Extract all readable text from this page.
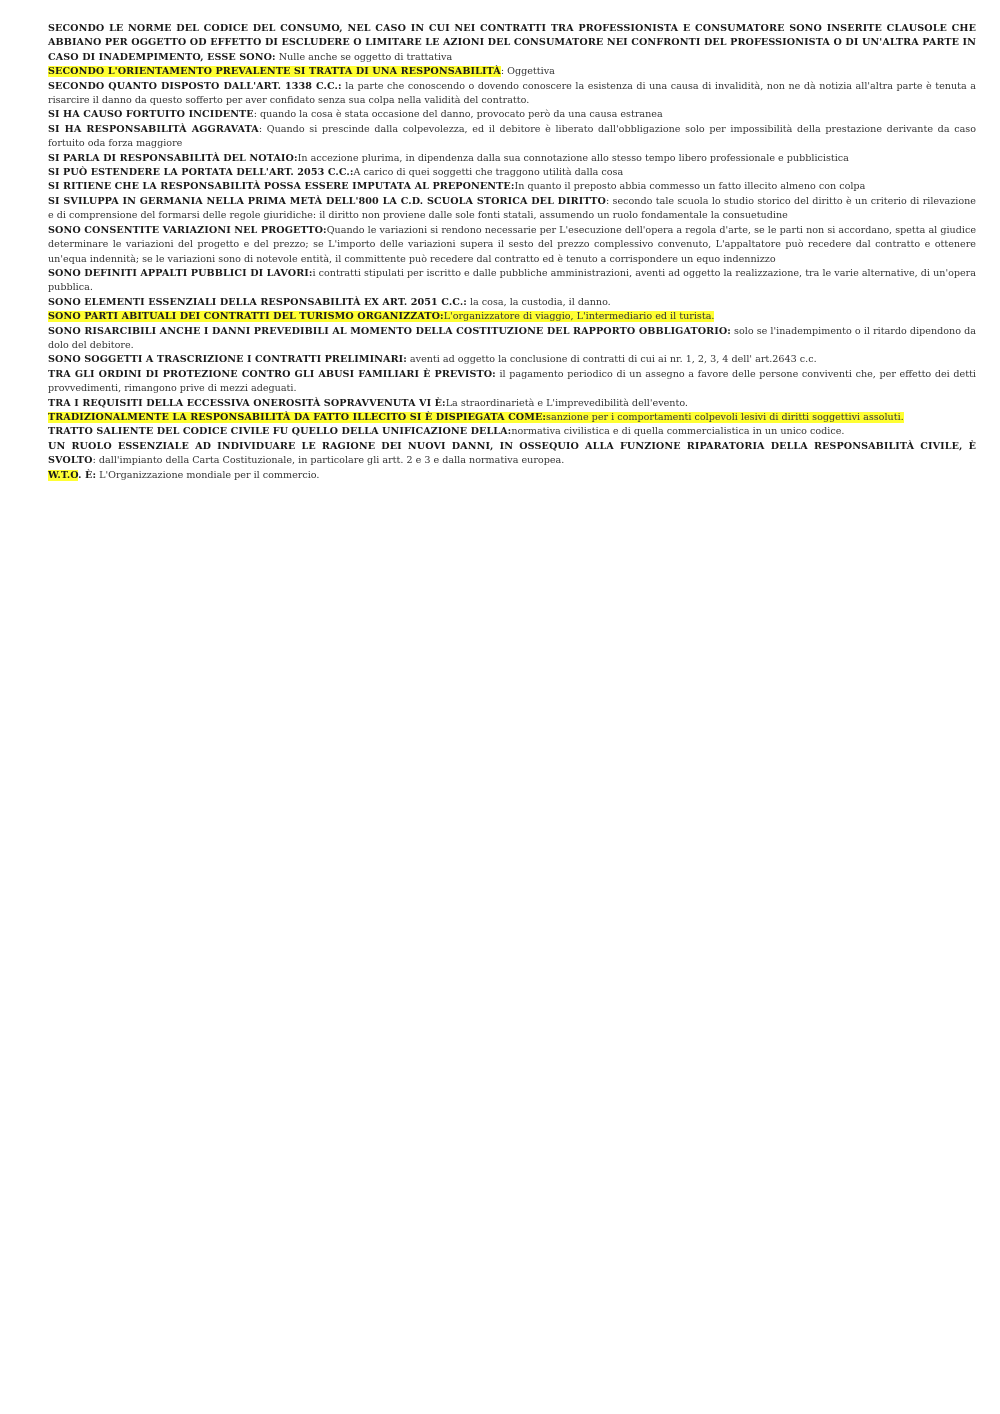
SECONDO LE NORME DEL CODICE DEL CONSUMO, NEL CASO IN CUI NEI CONTRATTI TRA PROFESSIONISTA E CONSUMATORE SONO INSERITE CLAUSOLE CHE ABBIANO PER OGGETTO OD EFFETTO DI ESCLUDERE O LIMITARE LE AZIONI DEL CONSUMATORE NEI CONFRONTI DEL PROFESSIONISTA O DI UN'ALTRA PARTE IN CASO DI INADEMPIMENTO, ESSE SONO: Nulle anche se oggetto di trattativa

SECONDO L'ORIENTAMENTO PREVALENTE SI TRATTA DI UNA RESPONSABILITÀ: Oggettiva

SECONDO QUANTO DISPOSTO DALL'ART. 1338 C.C.: la parte che conoscendo o dovendo conoscere la esistenza di una causa di invalidità, non ne dà notizia all'altra parte è tenuta a risarcire il danno da questo sofferto per aver confidato senza sua colpa nella validità del contratto.

SI HA CAUSO FORTUITO INCIDENTE: quando la cosa è stata occasione del danno, provocato però da una causa estranea

SI HA RESPONSABILITÀ AGGRAVATA: Quando si prescinde dalla colpevolezza, ed il debitore è liberato dall'obbligazione solo per impossibilità della prestazione derivante da caso fortuito oda forza maggiore

SI PARLA DI RESPONSABILITÀ DEL NOTAIO:In accezione plurima, in dipendenza dalla sua connotazione allo stesso tempo libero professionale e pubblicistica

SI PUÒ ESTENDERE LA PORTATA DELL'ART. 2053 C.C.:A carico di quei soggetti che traggono utilità dalla cosa

SI RITIENE CHE LA RESPONSABILITÀ POSSA ESSERE IMPUTATA AL PREPONENTE:In quanto il preposto abbia commesso un fatto illecito almeno con colpa

SI SVILUPPA IN GERMANIA NELLA PRIMA METÀ DELL'800 LA C.D. SCUOLA STORICA DEL DIRITTO: secondo tale scuola lo studio storico del diritto è un criterio di rilevazione e di comprensione del formarsi delle regole giuridiche: il diritto non proviene dalle sole fonti statali, assumendo un ruolo fondamentale la consuetudine

SONO CONSENTITE VARIAZIONI NEL PROGETTO:Quando le variazioni si rendono necessarie per L'esecuzione dell'opera a regola d'arte, se le parti non si accordano, spetta al giudice determinare le variazioni del progetto e del prezzo; se L'importo delle variazioni supera il sesto del prezzo complessivo convenuto, L'appaltatore può recedere dal contratto e ottenere un'equa indennità; se le variazioni sono di notevole entità, il committente può recedere dal contratto ed è tenuto a corrispondere un equo indennizzo

SONO DEFINITI APPALTI PUBBLICI DI LAVORI:i contratti stipulati per iscritto e dalle pubbliche amministrazioni, aventi ad oggetto la realizzazione, tra le varie alternative, di un'opera pubblica.

SONO ELEMENTI ESSENZIALI DELLA RESPONSABILITÀ EX ART. 2051 C.C.: la cosa, la custodia, il danno.

SONO PARTI ABITUALI DEI CONTRATTI DEL TURISMO ORGANIZZATO:L'organizzatore di viaggio, L'intermediario ed il turista.

SONO RISARCIBILI ANCHE I DANNI PREVEDIBILI AL MOMENTO DELLA COSTITUZIONE DEL RAPPORTO OBBLIGATORIO: solo se l'inadempimento o il ritardo dipendono da dolo del debitore.

SONO SOGGETTI A TRASCRIZIONE I CONTRATTI PRELIMINARI: aventi ad oggetto la conclusione di contratti di cui ai nr. 1, 2, 3, 4 dell' art.2643 c.c.

TRA GLI ORDINI DI PROTEZIONE CONTRO GLI ABUSI FAMILIARI È PREVISTO: il pagamento periodico di un assegno a favore delle persone conviventi che, per effetto dei detti provvedimenti, rimangono prive di mezzi adeguati.

TRA I REQUISITI DELLA ECCESSIVA ONEROSITÀ SOPRAVVENUTA VI È:La straordinarietà e L'imprevedibilità dell'evento.

TRADIZIONALMENTE LA RESPONSABILITÀ DA FATTO ILLECITO SI È DISPIEGATA COME:sanzione per i comportamenti colpevoli lesivi di diritti soggettivi assoluti.

TRATTO SALIENTE DEL CODICE CIVILE FU QUELLO DELLA UNIFICAZIONE DELLA:normativa civilistica e di quella commercialistica in un unico codice.

UN RUOLO ESSENZIALE AD INDIVIDUARE LE RAGIONE DEI NUOVI DANNI, IN OSSEQUIO ALLA FUNZIONE RIPARATORIA DELLA RESPONSABILITÀ CIVILE, È SVOLTO: dall'impianto della Carta Costituzionale, in particolare gli artt. 2 e 3 e dalla normativa europea.

W.T.O. È: L'Organizzazione mondiale per il commercio.
